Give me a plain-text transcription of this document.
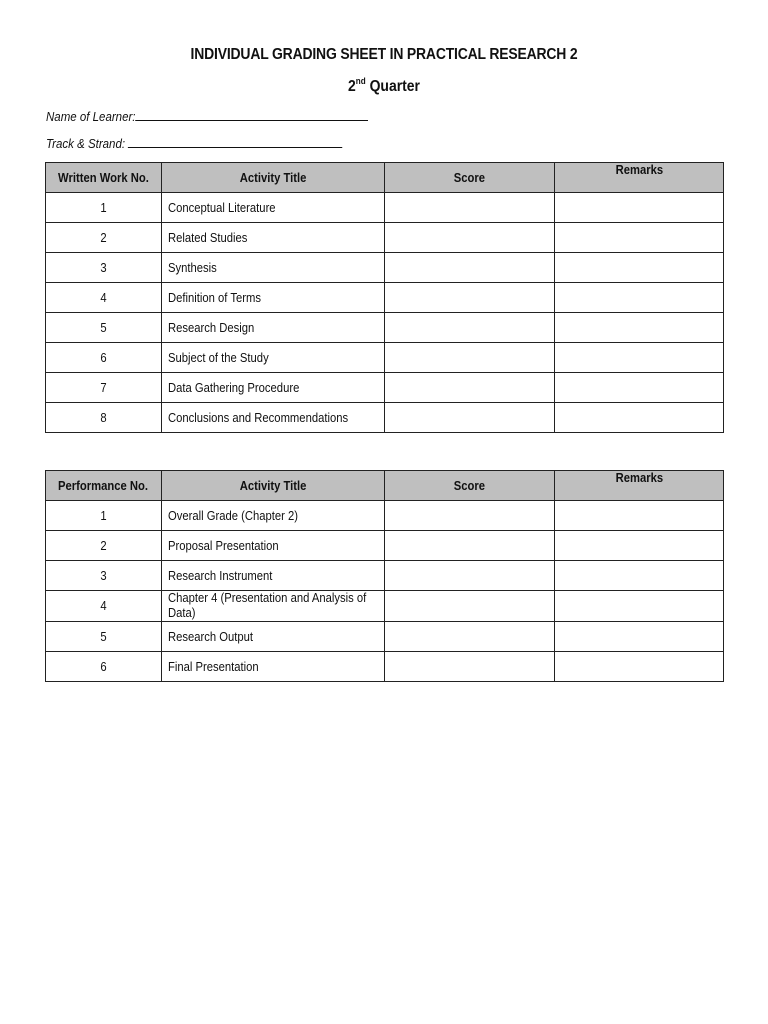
INDIVIDUAL GRADING SHEET IN PRACTICAL RESEARCH 2
2nd Quarter
Name of Learner:
Track & Strand:
Written Work No.	Activity Title	Score	Remarks
1	Conceptual Literature		
2	Related Studies		
3	Synthesis		
4	Definition of Terms		
5	Research Design		
6	Subject of the Study		
7	Data Gathering Procedure		
8	Conclusions and Recommendations		
Performance No.	Activity Title	Score	Remarks
1	Overall Grade (Chapter 2)		
2	Proposal Presentation		
3	Research Instrument		
4	Chapter 4 (Presentation and Analysis of Data)		
5	Research Output		
6	Final Presentation		
